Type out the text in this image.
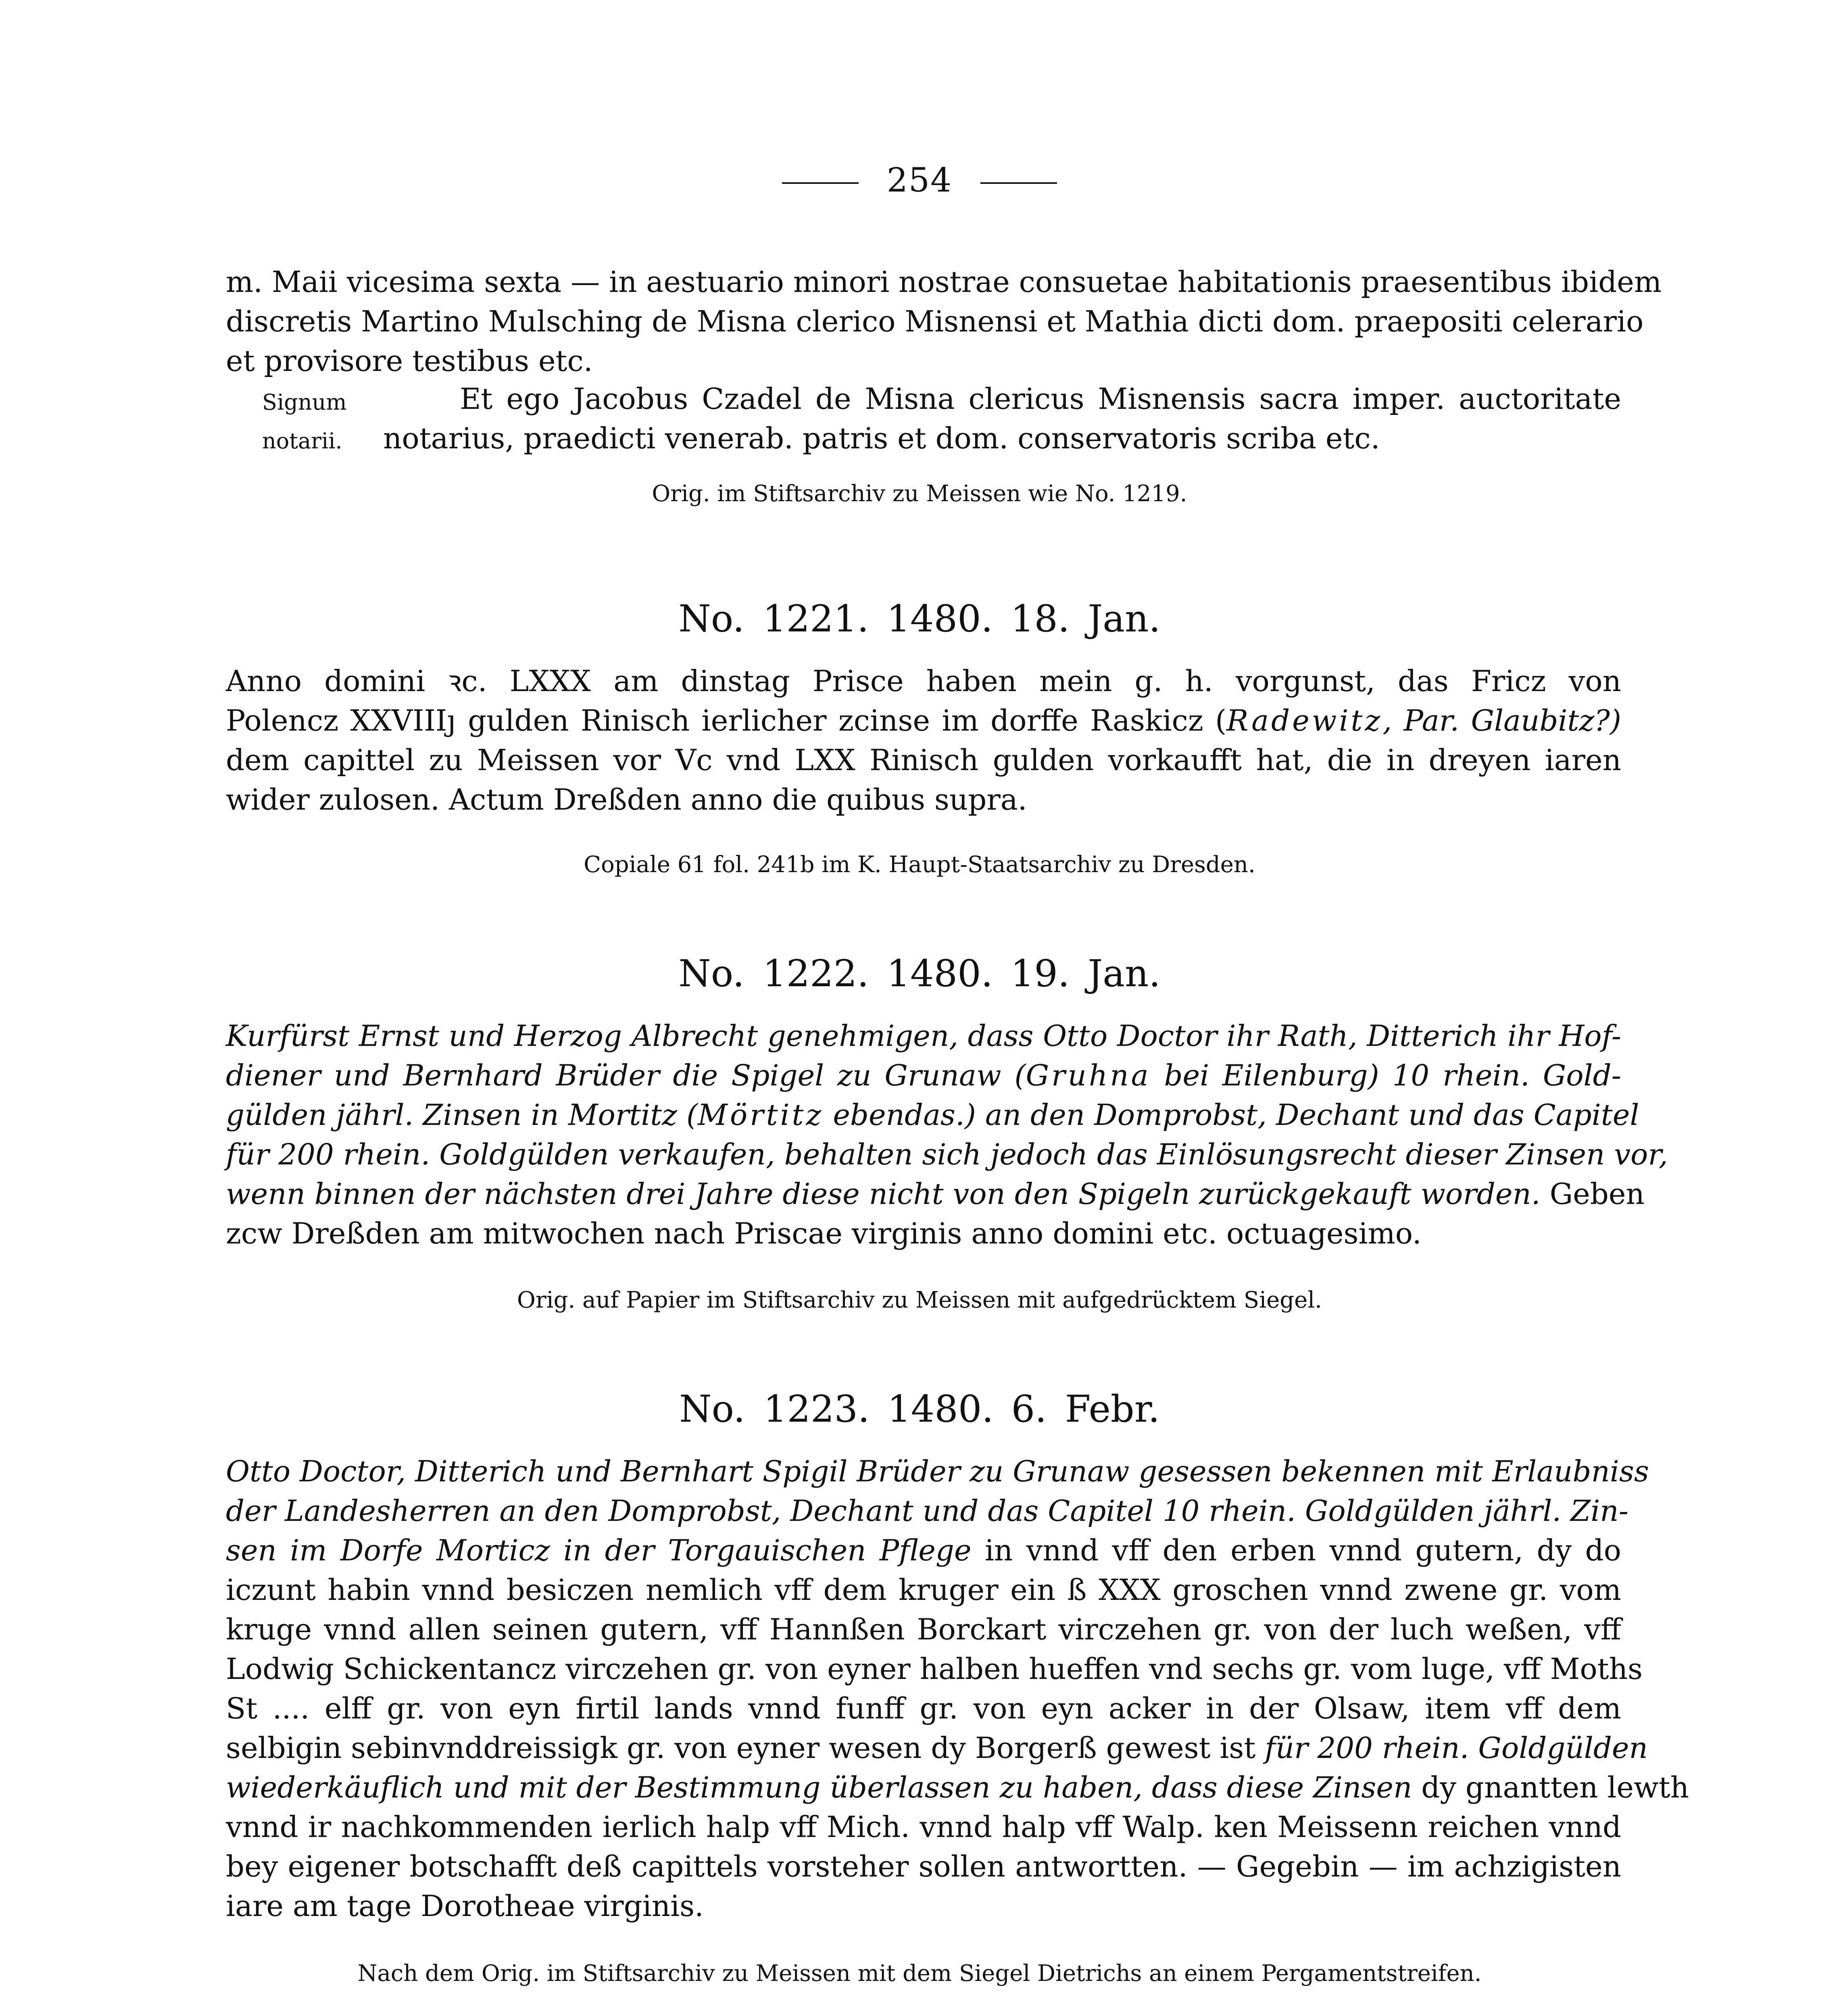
254
m. Maii vicesima sexta — in aestuario minori nostrae consuetae habitationis praesentibus ibidem
discretis Martino Mulsching de Misna clerico Misnensi et Mathia dicti dom. praepositi celerario
et provisore testibus etc.
Signum
notarii.
Et ego Jacobus Czadel de Misna clericus Misnensis sacra imper. auctoritate
notarius, praedicti venerab. patris et dom. conservatoris scriba etc.
Orig. im Stiftsarchiv zu Meissen wie No. 1219.
No. 1221. 1480. 18. Jan.
Anno domini ꝛc. LXXX am dinstag Prisce haben mein g. h. vorgunst, das Fricz von
Polencz XXVIIIȷ gulden Rinisch ierlicher zcinse im dorffe Raskicz (Radewitz, Par. Glaubitz?)
dem capittel zu Meissen vor Vc vnd LXX Rinisch gulden vorkaufft hat, die in dreyen iaren
wider zulosen. Actum Dreßden anno die quibus supra.
Copiale 61 fol. 241b im K. Haupt-Staatsarchiv zu Dresden.
No. 1222. 1480. 19. Jan.
Kurfürst Ernst und Herzog Albrecht genehmigen, dass Otto Doctor ihr Rath, Ditterich ihr Hof-
diener und Bernhard Brüder die Spigel zu Grunaw (Gruhna bei Eilenburg) 10 rhein. Gold-
gülden jährl. Zinsen in Mortitz (Mörtitz ebendas.) an den Domprobst, Dechant und das Capitel
für 200 rhein. Goldgülden verkaufen, behalten sich jedoch das Einlösungsrecht dieser Zinsen vor,
wenn binnen der nächsten drei Jahre diese nicht von den Spigeln zurückgekauft worden. Geben
zcw Dreßden am mitwochen nach Priscae virginis anno domini etc. octuagesimo.
Orig. auf Papier im Stiftsarchiv zu Meissen mit aufgedrücktem Siegel.
No. 1223. 1480. 6. Febr.
Otto Doctor, Ditterich und Bernhart Spigil Brüder zu Grunaw gesessen bekennen mit Erlaubniss
der Landesherren an den Domprobst, Dechant und das Capitel 10 rhein. Goldgülden jährl. Zin-
sen im Dorfe Morticz in der Torgauischen Pflege in vnnd vff den erben vnnd gutern, dy do
iczunt habin vnnd besiczen nemlich vff dem kruger ein ß XXX groschen vnnd zwene gr. vom
kruge vnnd allen seinen gutern, vff Hannßen Borckart virczehen gr. von der luch weßen, vff
Lodwig Schickentancz virczehen gr. von eyner halben hueffen vnd sechs gr. vom luge, vff Moths
St .... elff gr. von eyn firtil lands vnnd funff gr. von eyn acker in der Olsaw, item vff dem
selbigin sebinvnddreissigk gr. von eyner wesen dy Borgerß gewest ist für 200 rhein. Goldgülden
wiederkäuflich und mit der Bestimmung überlassen zu haben, dass diese Zinsen dy gnantten lewth
vnnd ir nachkommenden ierlich halp vff Mich. vnnd halp vff Walp. ken Meissenn reichen vnnd
bey eigener botschafft deß capittels vorsteher sollen antwortten. — Gegebin — im achzigisten
iare am tage Dorotheae virginis.
Nach dem Orig. im Stiftsarchiv zu Meissen mit dem Siegel Dietrichs an einem Pergamentstreifen.
